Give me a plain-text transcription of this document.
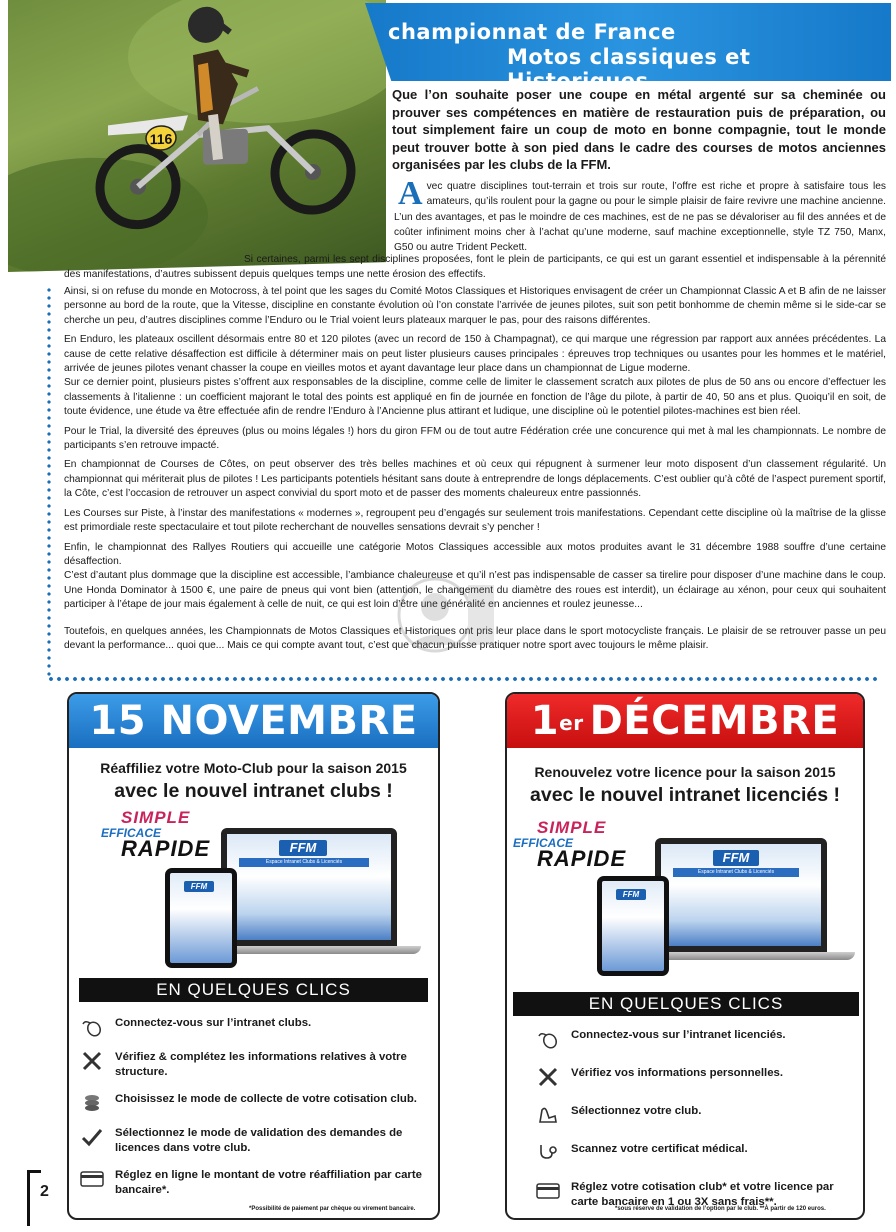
116
championnat de France
Motos classiques et Historiques
Que l’on souhaite poser une coupe en métal argenté sur sa cheminée ou prouver ses compétences en matière de restauration puis de préparation, ou tout simplement faire un coup de moto en bonne compagnie, tout le monde peut trouver botte à son pied dans le cadre des courses de motos anciennes organisées par les clubs de la FFM.
Avec quatre disciplines tout-terrain et trois sur route, l’offre est riche et propre à satisfaire tous les amateurs, qu’ils roulent pour la gagne ou pour le simple plaisir de faire revivre une machine ancienne. L’un des avantages, et pas le moindre de ces machines, est de ne pas se dévaloriser au fil des années et de coûter infiniment moins cher à l’achat qu’une moderne, sauf machine exceptionnelle, style TZ 750, Manx, G50 ou autre Trident Peckett.
Si certaines, parmi les sept disciplines proposées, font le plein de participants, ce qui est un garant essentiel et indispensable à la pérennité des manifestations, d’autres subissent depuis quelques temps une nette érosion des effectifs.

Ainsi, si on refuse du monde en Motocross, à tel point que les sages du Comité Motos Classiques et Historiques envisagent de créer un Championnat Classic A et B afin de ne laisser personne au bord de la route, que la Vitesse, discipline en constante évolution où l’on constate l’arrivée de jeunes pilotes, suit son petit bonhomme de chemin même si le side-car se cherche un peu, d’autres disciplines comme l’Enduro ou le Trial voient leurs plateaux marquer le pas, pour des raisons différentes.

En Enduro, les plateaux oscillent désormais entre 80 et 120 pilotes (avec un record de 150 à Champagnat), ce qui marque une régression par rapport aux années précédentes. La cause de cette relative désaffection est difficile à déterminer mais on peut lister plusieurs causes principales : épreuves trop techniques ou usantes pour les hommes et le matériel, arrivée de jeunes pilotes venant chasser la coupe en vieilles motos et ayant davantage leur place dans un championnat de Ligue moderne.

Sur ce dernier point, plusieurs pistes s’offrent aux responsables de la discipline, comme celle de limiter le classement scratch aux pilotes de plus de 50 ans ou encore d’effectuer les classements à l’italienne : un coefficient majorant le total des points est appliqué en fin de journée en fonction de l’âge du pilote, à partir de 40, 50 ans et plus. Quoiqu’il en soit, de toute évidence, une étude va être effectuée afin de rendre l’Enduro à l’Ancienne plus attirant et ludique, une discipline où le potentiel pilotes-machines est bien réel.

Pour le Trial, la diversité des épreuves (plus ou moins légales !) hors du giron FFM ou de tout autre Fédération crée une concurence qui met à mal les championnats. Le nombre de participants s’en retrouve impacté.

En championnat de Courses de Côtes, on peut observer des très belles machines et où ceux qui répugnent à surmener leur moto disposent d’un classement régularité. Un championnat qui mériterait plus de pilotes ! Les participants potentiels hésitant sans doute à entreprendre de longs déplacements. C’est oublier qu’à côté de l’aspect purement sportif, la Côte, c’est l’occasion de retrouver un aspect convivial du sport moto et de passer des moments chaleureux entre passionnés.

Les Courses sur Piste, à l’instar des manifestations « modernes », regroupent peu d’engagés sur seulement trois manifestations. Cependant cette discipline où la maîtrise de la glisse est primordiale reste spectaculaire et tout pilote recherchant de nouvelles sensations devrait s’y pencher !

Enfin, le championnat des Rallyes Routiers qui accueille une catégorie Motos Classiques accessible aux motos produites avant le 31 décembre 1988 souffre d’une certaine désaffection.

C’est d’autant plus dommage que la discipline est accessible, l’ambiance chaleureuse et qu’il n’est pas indispensable de casser sa tirelire pour disposer d’une machine dans le coup. Une Honda Dominator à 1500 €, une paire de pneus qui vont bien (attention, le changement du diamètre des roues est interdit), un éclairage au xénon, pour ceux qui souhaitent participer à l’étape de jour mais également à celle de nuit, ce qui est loin d’être une généralité en anciennes et roulez jeunesse...

Toutefois, en quelques années, les Championnats de Motos Classiques et Historiques ont pris leur place dans le sport motocycliste français. Le plaisir de se retrouver passe un peu devant la performance... quoi que... Mais ce qui compte avant tout, c’est que chacun puisse pratiquer notre sport avec toujours le même plaisir.

15 NOVEMBRE
Réaffiliez votre Moto-Club pour la saison 2015
avec le nouvel intranet clubs !
SIMPLE
EFFICACE
RAPIDE	FFM
Espace Intranet Clubs & Licenciés
FFM
EN QUELQUES CLICS
Connectez-vous sur l’intranet clubs.
Vérifiez & complétez les informations relatives à votre structure.
Choisissez le mode de collecte de votre cotisation club.
Sélectionnez le mode de validation des demandes de licences dans votre club.
Réglez en ligne le montant de votre réaffiliation par carte bancaire*.
*Possibilité de paiement par chèque ou virement bancaire.
1er DÉCEMBRE
Renouvelez votre licence pour la saison 2015
avec le nouvel intranet licenciés !
SIMPLE
EFFICACE
RAPIDE	FFM
Espace Intranet Clubs & Licenciés
FFM
EN QUELQUES CLICS
Connectez-vous sur l’intranet licenciés.
Vérifiez vos informations personnelles.
Sélectionnez votre club.
Scannez votre certificat médical.
Réglez votre cotisation club* et votre licence par carte bancaire en 1 ou 3X sans frais**.
*sous réserve de validation de l’option par le club. **À partir de 120 euros.
2
